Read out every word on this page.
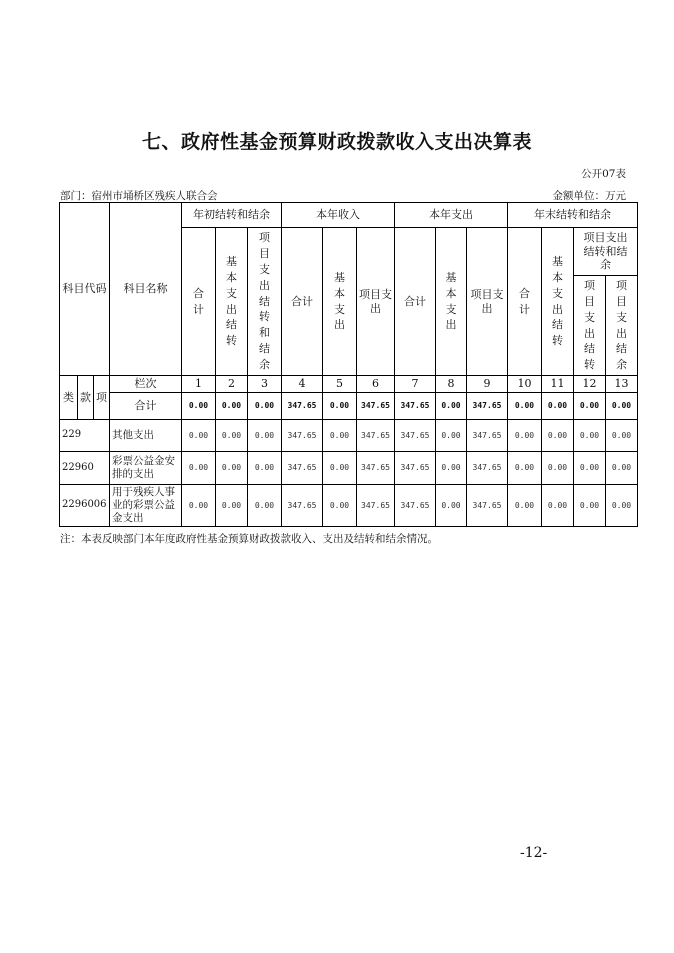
七、政府性基金预算财政拨款收入支出决算表
公开07表
部门：宿州市埇桥区残疾人联合会	金额单位：万元
科目代码			科目名称	年初结转和结余			本年收入			本年支出			年末结转和结余			
				合计	基本支出结转	项目支出结转和结余	合计	基本支出	项目支出	合计	基本支出	项目支出	合计	基本支出结转	项目支出结转和结余	
															项目支出结转	项目支出结余

类	款	项	栏次	1	2	3	4	5	6	7	8	9	10	11	12	13
			合计	0.00	0.00	0.00	347.65	0.00	347.65	347.65	0.00	347.65	0.00	0.00	0.00	0.00
229			其他支出	0.00	0.00	0.00	347.65	0.00	347.65	347.65	0.00	347.65	0.00	0.00	0.00	0.00
22960			彩票公益金安排的支出	0.00	0.00	0.00	347.65	0.00	347.65	347.65	0.00	347.65	0.00	0.00	0.00	0.00
2296006			用于残疾人事业的彩票公益金支出	0.00	0.00	0.00	347.65	0.00	347.65	347.65	0.00	347.65	0.00	0.00	0.00	0.00
注：本表反映部门本年度政府性基金预算财政拨款收入、支出及结转和结余情况。
-12-
